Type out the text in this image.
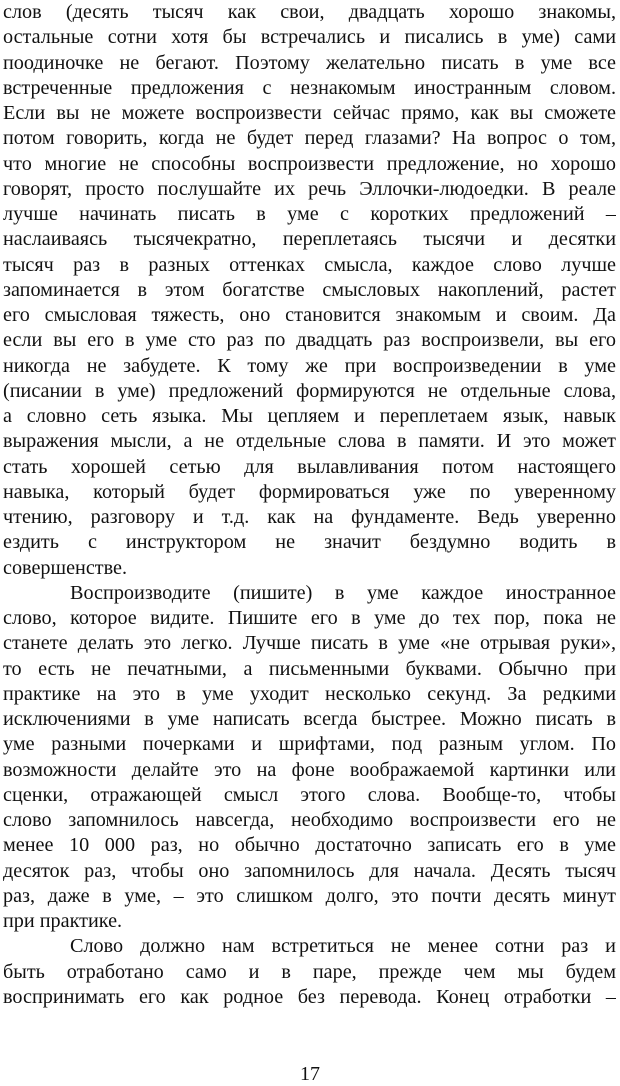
слов (десять тысяч как свои, двадцать хорошо знакомы,
остальные сотни хотя бы встречались и писались в уме) сами
поодиночке не бегают. Поэтому желательно писать в уме все
встреченные предложения с незнакомым иностранным словом.
Если вы не можете воспроизвести сейчас прямо, как вы сможете
потом говорить, когда не будет перед глазами? На вопрос о том,
что многие не способны воспроизвести предложение, но хорошо
говорят, просто послушайте их речь Эллочки-людоедки. В реале
лучше начинать писать в уме с коротких предложений –
наслаиваясь тысячекратно, переплетаясь тысячи и десятки
тысяч раз в разных оттенках смысла, каждое слово лучше
запоминается в этом богатстве смысловых накоплений, растет
его смысловая тяжесть, оно становится знакомым и своим. Да
если вы его в уме сто раз по двадцать раз воспроизвели, вы его
никогда не забудете. К тому же при воспроизведении в уме
(писании в уме) предложений формируются не отдельные слова,
а словно сеть языка. Мы цепляем и переплетаем язык, навык
выражения мысли, а не отдельные слова в памяти. И это может
стать хорошей сетью для вылавливания потом настоящего
навыка, который будет формироваться уже по уверенному
чтению, разговору и т.д. как на фундаменте. Ведь уверенно
ездить с инструктором не значит бездумно водить в
совершенстве.
Воспроизводите (пишите) в уме каждое иностранное
слово, которое видите. Пишите его в уме до тех пор, пока не
станете делать это легко. Лучше писать в уме «не отрывая руки»,
то есть не печатными, а письменными буквами. Обычно при
практике на это в уме уходит несколько секунд. За редкими
исключениями в уме написать всегда быстрее. Можно писать в
уме разными почерками и шрифтами, под разным углом. По
возможности делайте это на фоне воображаемой картинки или
сценки, отражающей смысл этого слова. Вообще-то, чтобы
слово запомнилось навсегда, необходимо воспроизвести его не
менее 10 000 раз, но обычно достаточно записать его в уме
десяток раз, чтобы оно запомнилось для начала. Десять тысяч
раз, даже в уме, – это слишком долго, это почти десять минут
при практике.
Слово должно нам встретиться не менее сотни раз и
быть отработано само и в паре, прежде чем мы будем
воспринимать его как родное без перевода. Конец отработки –
17
